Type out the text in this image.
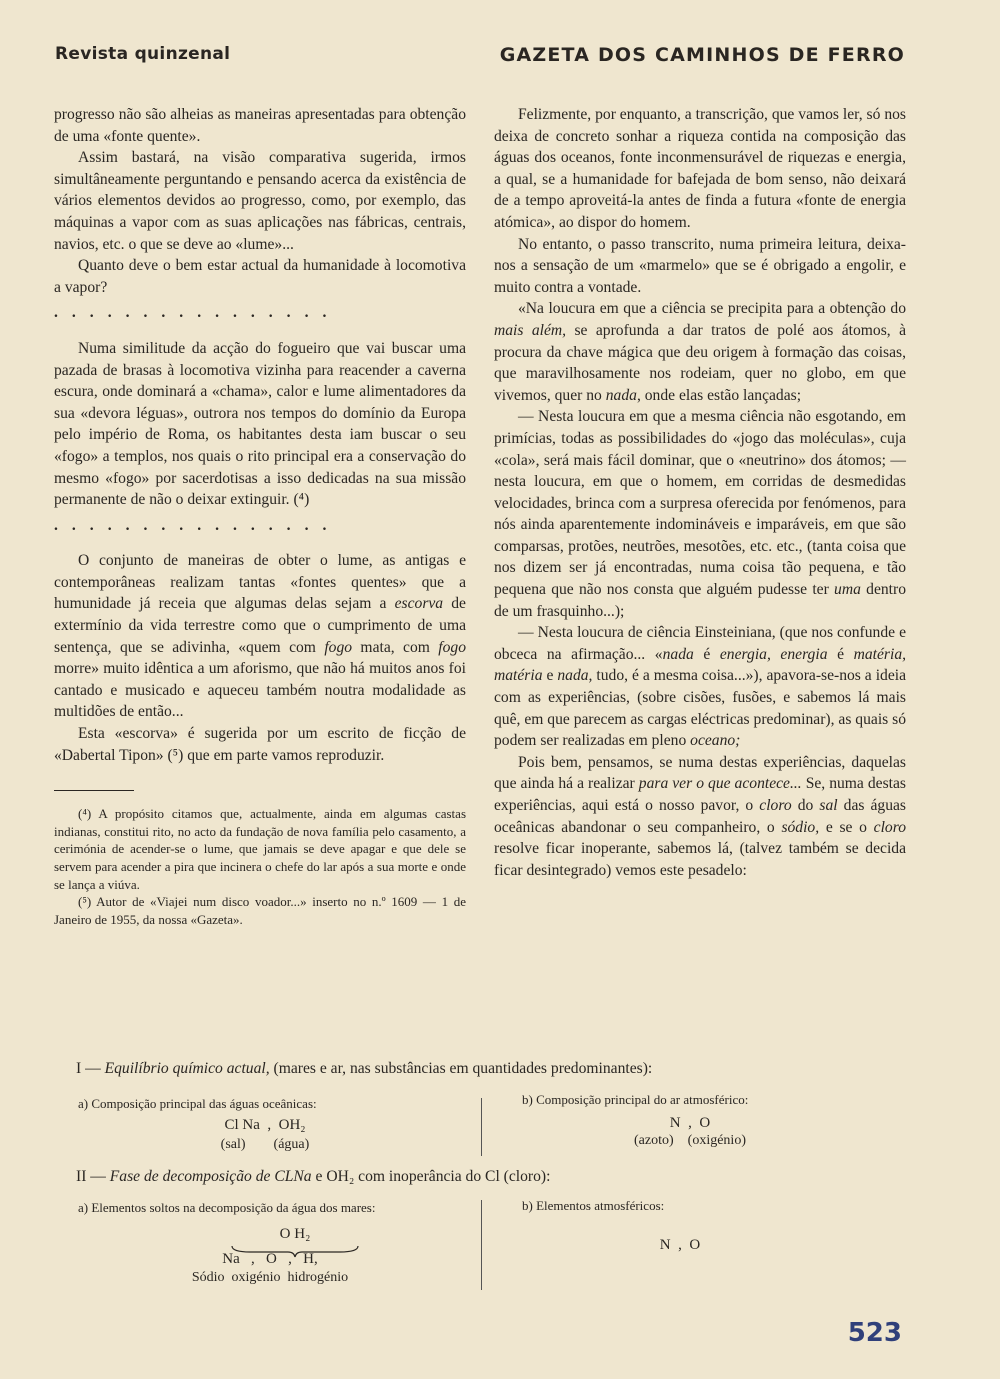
Revista quinzenal	GAZETA DOS CAMINHOS DE FERRO

progresso não são alheias as maneiras apresentadas para obtenção de uma «fonte quente».

Assim bastará, na visão comparativa sugerida, irmos simultâneamente perguntando e pensando acerca da existência de vários elementos devidos ao progresso, como, por exemplo, das máquinas a vapor com as suas aplicações nas fábricas, centrais, navios, etc. o que se deve ao «lume»...

Quanto deve o bem estar actual da humanidade à locomotiva a vapor?

................

Numa similitude da acção do fogueiro que vai buscar uma pazada de brasas à locomotiva vizinha para reacender a caverna escura, onde dominará a «chama», calor e lume alimentadores da sua «devora léguas», outrora nos tempos do domínio da Europa pelo império de Roma, os habitantes desta iam buscar o seu «fogo» a templos, nos quais o rito principal era a conservação do mesmo «fogo» por sacerdotisas a isso dedicadas na sua missão permanente de não o deixar extinguir. (⁴)

................

O conjunto de maneiras de obter o lume, as antigas e contemporâneas realizam tantas «fontes quentes» que a humunidade já receia que algumas delas sejam a escorva de extermínio da vida terrestre como que o cumprimento de uma sentença, que se adivinha, «quem com fogo mata, com fogo morre» muito idêntica a um aforismo, que não há muitos anos foi cantado e musicado e aqueceu também noutra modalidade as multidões de então...

Esta «escorva» é sugerida por um escrito de ficção de «Dabertal Tipon» (⁵) que em parte vamos reproduzir.

(⁴) A propósito citamos que, actualmente, ainda em algumas castas indianas, constitui rito, no acto da fundação de nova família pelo casamento, a cerimónia de acender-se o lume, que jamais se deve apagar e que dele se servem para acender a pira que incinera o chefe do lar após a sua morte e onde se lança a viúva.

(⁵) Autor de «Viajei num disco voador...» inserto no n.º 1609 — 1 de Janeiro de 1955, da nossa «Gazeta».

Felizmente, por enquanto, a transcrição, que vamos ler, só nos deixa de concreto sonhar a riqueza contida na composição das águas dos oceanos, fonte inconmensurável de riquezas e energia, a qual, se a humanidade for bafejada de bom senso, não deixará de a tempo aproveitá-la antes de finda a futura «fonte de energia atómica», ao dispor do homem.

No entanto, o passo transcrito, numa primeira leitura, deixa-nos a sensação de um «marmelo» que se é obrigado a engolir, e muito contra a vontade.

«Na loucura em que a ciência se precipita para a obtenção do mais além, se aprofunda a dar tratos de polé aos átomos, à procura da chave mágica que deu origem à formação das coisas, que maravilhosamente nos rodeiam, quer no globo, em que vivemos, quer no nada, onde elas estão lançadas;

— Nesta loucura em que a mesma ciência não esgotando, em primícias, todas as possibilidades do «jogo das moléculas», cuja «cola», será mais fácil dominar, que o «neutrino» dos átomos; — nesta loucura, em que o homem, em corridas de desmedidas velocidades, brinca com a surpresa oferecida por fenómenos, para nós ainda aparentemente indomináveis e imparáveis, em que são comparsas, protões, neutrões, mesotões, etc. etc., (tanta coisa que nos dizem ser já encontradas, numa coisa tão pequena, e tão pequena que não nos consta que alguém pudesse ter uma dentro de um frasquinho...);

— Nesta loucura de ciência Einsteiniana, (que nos confunde e obceca na afirmação... «nada é energia, energia é matéria, matéria e nada, tudo, é a mesma coisa...»), apavora-se-nos a ideia com as experiências, (sobre cisões, fusões, e sabemos lá mais quê, em que parecem as cargas eléctricas predominar), as quais só podem ser realizadas em pleno oceano;

Pois bem, pensamos, se numa destas experiências, daquelas que ainda há a realizar para ver o que acontece... Se, numa destas experiências, aqui está o nosso pavor, o cloro do sal das águas oceânicas abandonar o seu companheiro, o sódio, e se o cloro resolve ficar inoperante, sabemos lá, (talvez também se decida ficar desintegrado) vemos este pesadelo:

I — Equilíbrio químico actual, (mares e ar, nas substâncias em quantidades predominantes):
a) Composição principal das águas oceânicas:
Cl Na  ,  OH₂
(sal)        (água)
b) Composição principal do ar atmosférico:
N  ,  O
(azoto)    (oxigénio)
II — Fase de decomposição de CLNa e OH₂ com inoperância do Cl (cloro):
a) Elementos soltos na decomposição da água dos mares:
O H₂
Na   ,   O   ,   H,
Sódio  oxigénio  hidrogénio
b) Elementos atmosféricos:
N  ,  O
523
